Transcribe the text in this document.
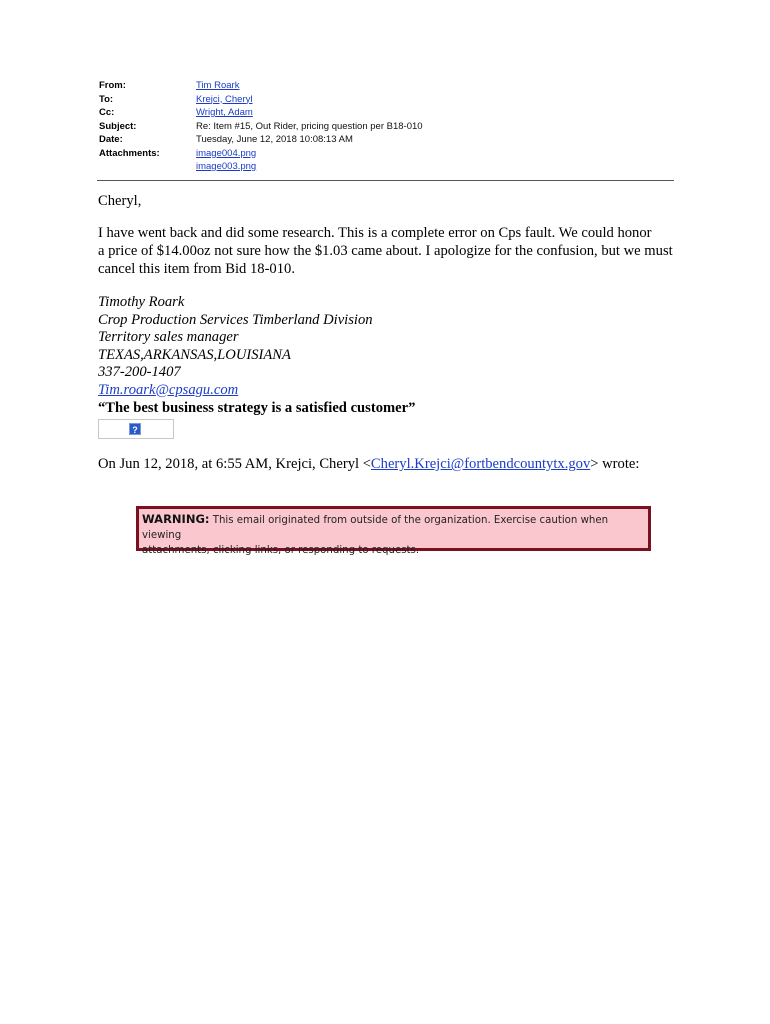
From:	Tim Roark
To:	Krejci, Cheryl
Cc:	Wright, Adam
Subject:	Re: Item #15, Out Rider, pricing question per B18-010
Date:	Tuesday, June 12, 2018 10:08:13 AM
Attachments:	image004.png
image003.png

Cheryl,

I have went back and did some research. This is a complete error on Cps fault. We could honor
a price of $14.00oz not sure how the $1.03 came about. I apologize for the confusion, but we must
cancel this item from Bid 18-010.
Timothy Roark
Crop Production Services Timberland Division
Territory sales manager
TEXAS,ARKANSAS,LOUISIANA
337-200-1407
Tim.roark@cpsagu.com
“The best business strategy is a satisfied customer”
?
On Jun 12, 2018, at 6:55 AM, Krejci, Cheryl <Cheryl.Krejci@fortbendcountytx.gov> wrote:
WARNING: This email originated from outside of the organization. Exercise caution when viewing
attachments, clicking links, or responding to requests.
